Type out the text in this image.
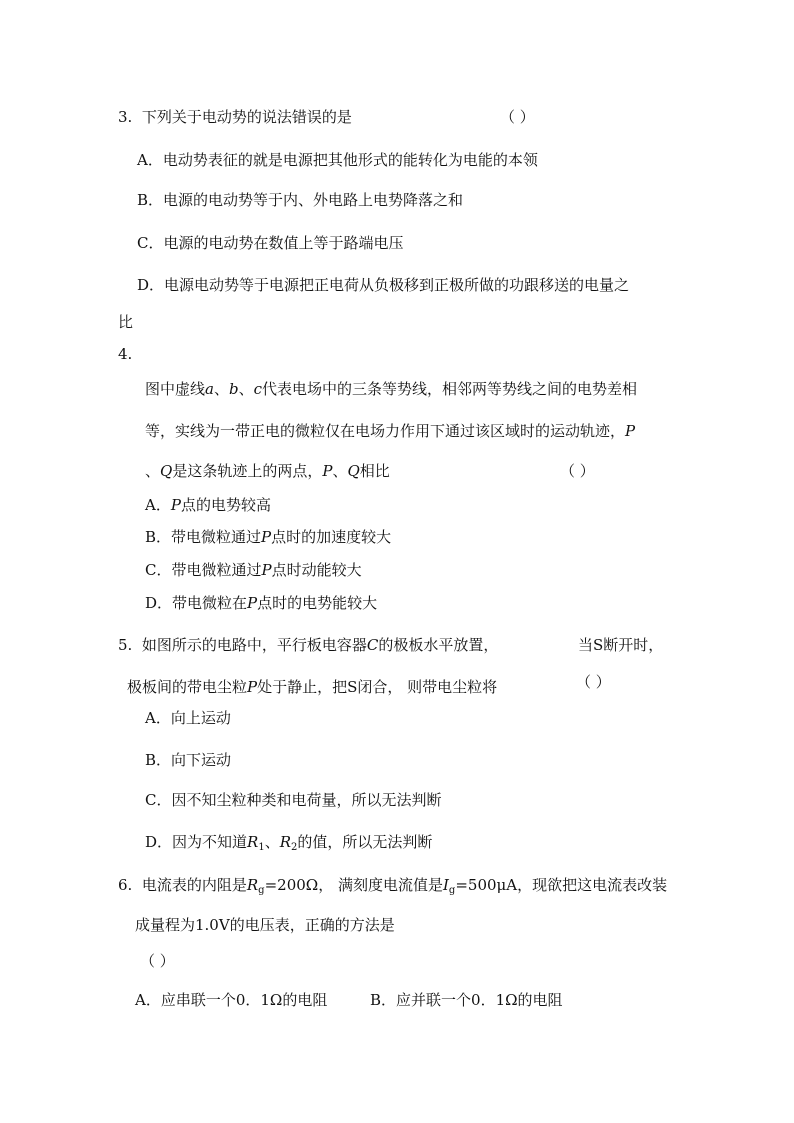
3. 下列关于电动势的说法错误的是	（ ）
A．电动势表征的就是电源把其他形式的能转化为电能的本领
B．电源的电动势等于内、外电路上电势降落之和
C．电源的电动势在数值上等于路端电压
D．电源电动势等于电源把正电荷从负极移到正极所做的功跟移送的电量之
比
4.
图中虚线a、b、c代表电场中的三条等势线，相邻两等势线之间的电势差相
等，实线为一带正电的微粒仅在电场力作用下通过该区域时的运动轨迹，P
、Q是这条轨迹上的两点，P、Q相比	（ ）
A．P点的电势较高
B．带电微粒通过P点时的加速度较大
C．带电微粒通过P点时动能较大
D．带电微粒在P点时的电势能较大
5. 如图所示的电路中，平行板电容器C的极板水平放置，	当S断开时，
极板间的带电尘粒P处于静止，把S闭合， 则带电尘粒将	（ ）
A．向上运动
B．向下运动
C．因不知尘粒种类和电荷量，所以无法判断
D．因为不知道$R_1$、$R_2$的值，所以无法判断
6. 电流表的内阻是$R_g=200\Omega$， 满刻度电流值是$I_g=500\mu A$，现欲把这电流表改装
成量程为1.0V的电压表，正确的方法是
（ ）
A．应串联一个0．1Ω的电阻	B．应并联一个0．1Ω的电阻
